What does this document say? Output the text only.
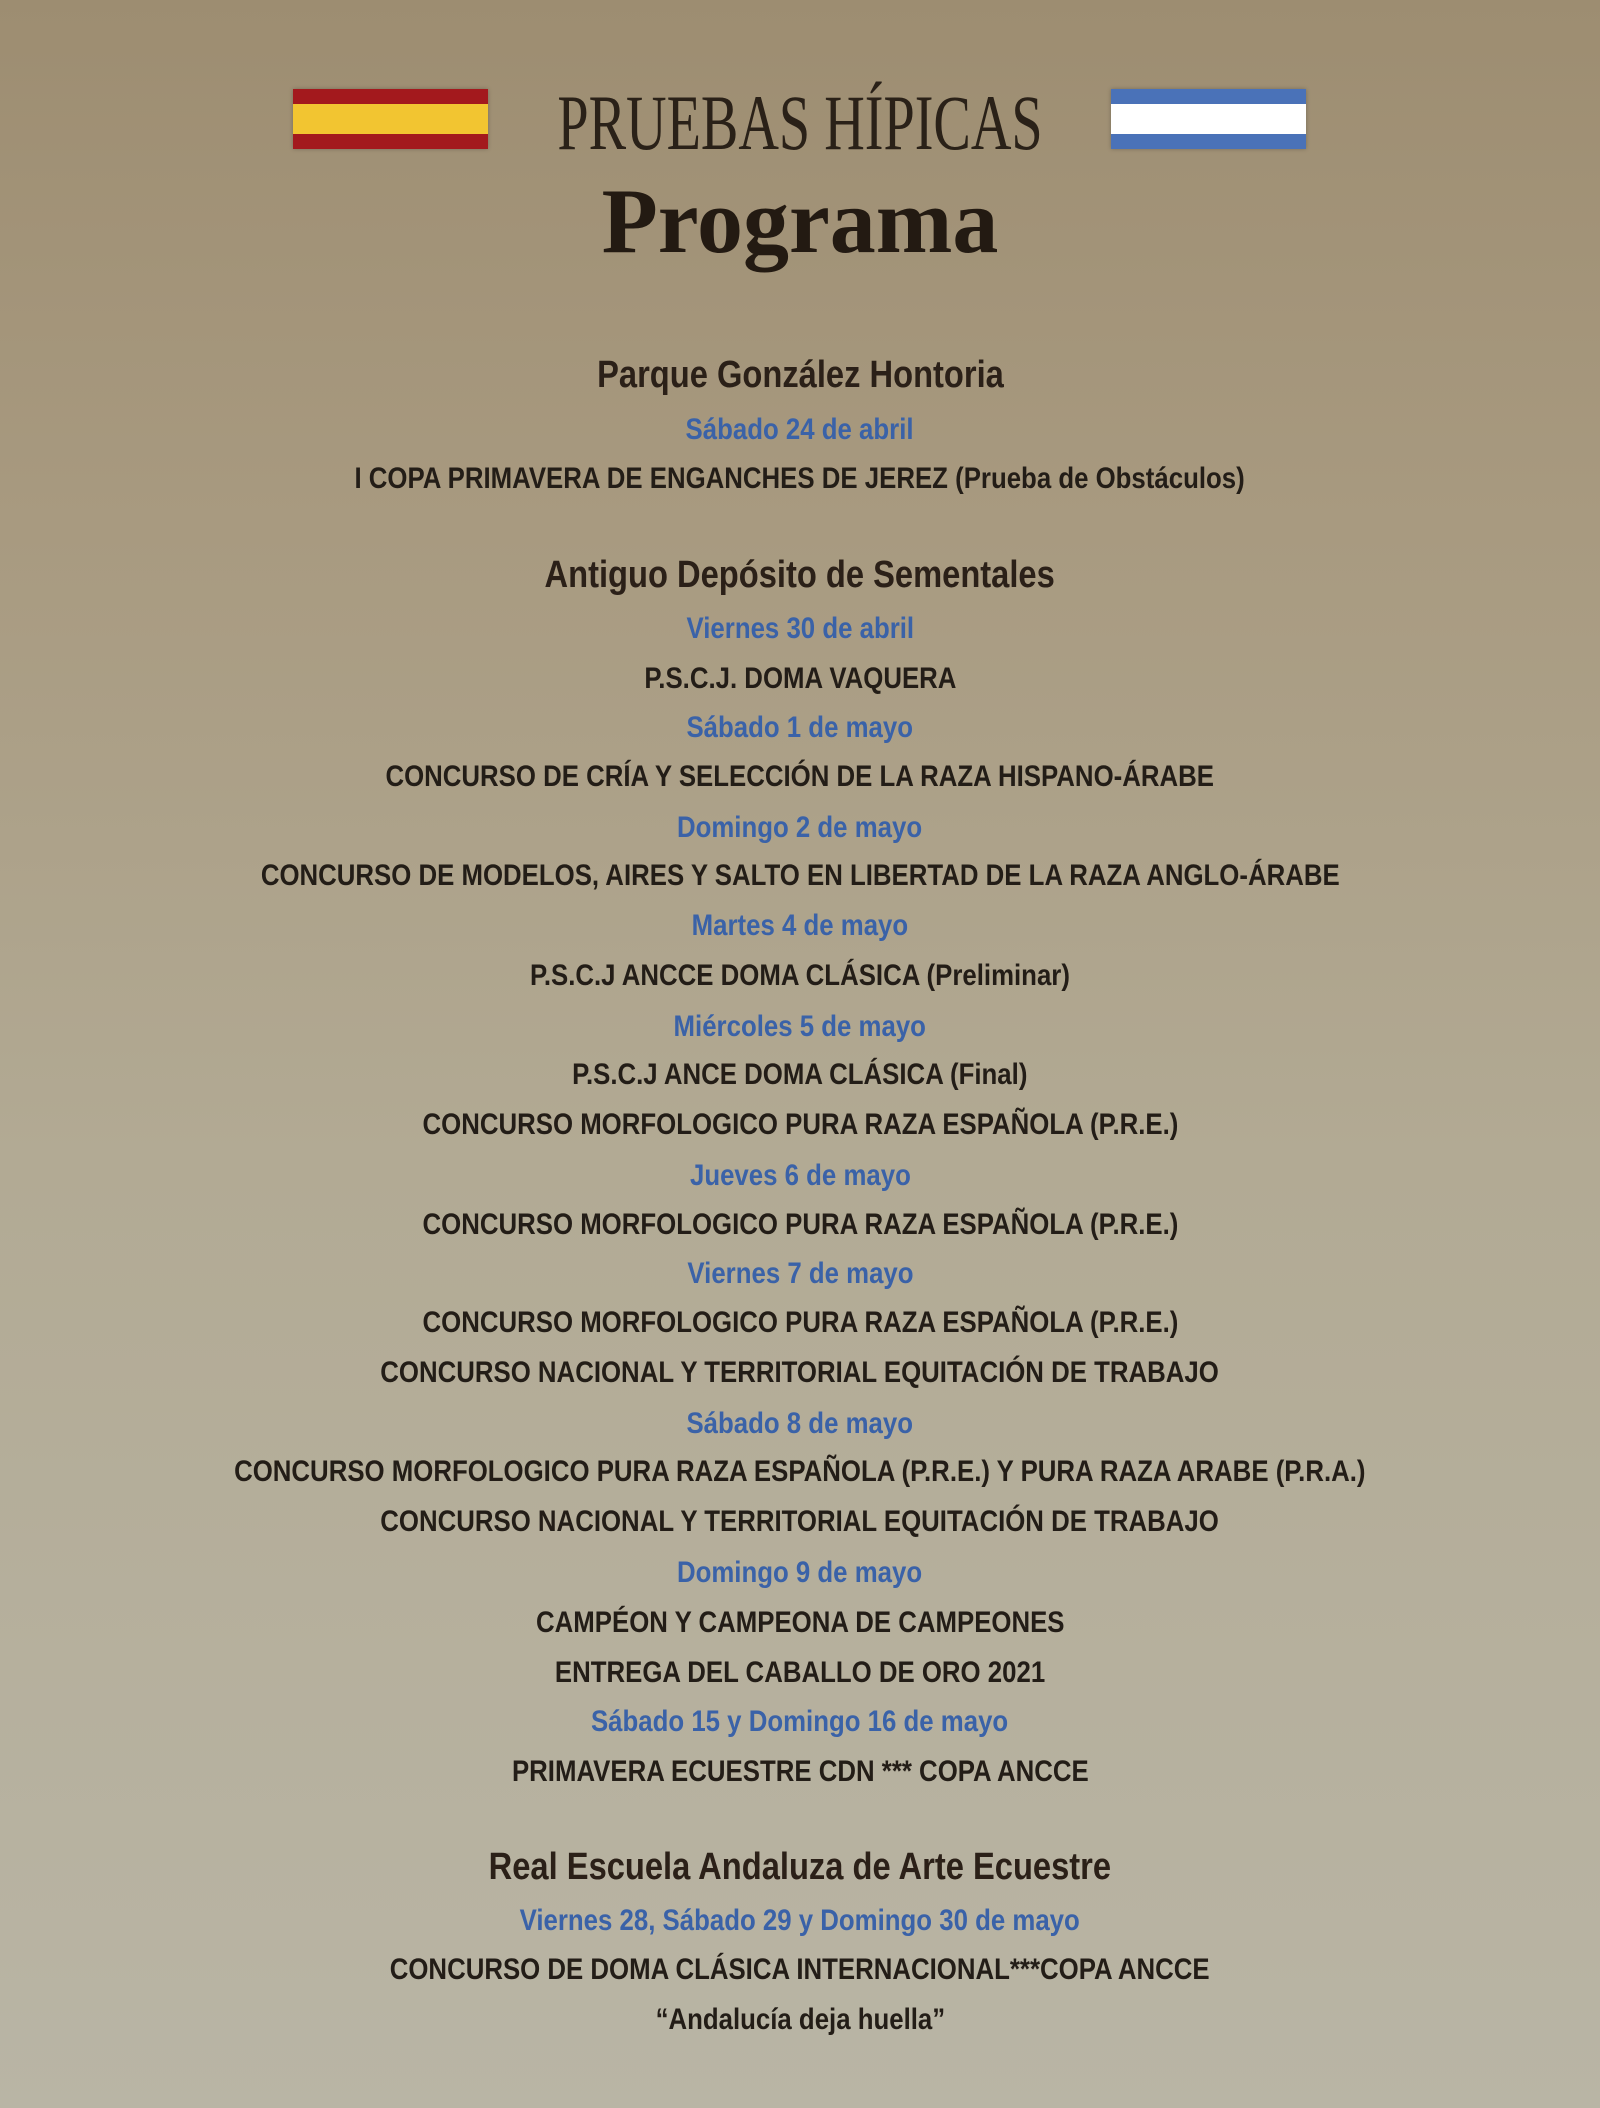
PRUEBAS HÍPICAS
Programa
Parque González Hontoria
Sábado 24 de abril
I COPA PRIMAVERA DE ENGANCHES DE JEREZ (Prueba de Obstáculos)
Antiguo Depósito de Sementales
Viernes 30 de abril
P.S.C.J. DOMA VAQUERA
Sábado 1 de mayo
CONCURSO DE CRÍA Y SELECCIÓN DE LA RAZA HISPANO-ÁRABE
Domingo 2 de mayo
CONCURSO DE MODELOS, AIRES Y SALTO EN LIBERTAD DE LA RAZA ANGLO-ÁRABE
Martes 4 de mayo
P.S.C.J ANCCE DOMA CLÁSICA (Preliminar)
Miércoles 5 de mayo
P.S.C.J ANCE DOMA CLÁSICA (Final)
CONCURSO MORFOLOGICO PURA RAZA ESPAÑOLA (P.R.E.)
Jueves 6 de mayo
CONCURSO MORFOLOGICO PURA RAZA ESPAÑOLA (P.R.E.)
Viernes 7 de mayo
CONCURSO MORFOLOGICO PURA RAZA ESPAÑOLA (P.R.E.)
CONCURSO NACIONAL Y TERRITORIAL EQUITACIÓN DE TRABAJO
Sábado 8 de mayo
CONCURSO MORFOLOGICO PURA RAZA ESPAÑOLA (P.R.E.) Y PURA RAZA ARABE (P.R.A.)
CONCURSO NACIONAL Y TERRITORIAL EQUITACIÓN DE TRABAJO
Domingo 9 de mayo
CAMPÉON Y CAMPEONA DE CAMPEONES
ENTREGA DEL CABALLO DE ORO 2021
Sábado 15 y Domingo 16 de mayo
PRIMAVERA ECUESTRE CDN *** COPA ANCCE
Real Escuela Andaluza de Arte Ecuestre
Viernes 28, Sábado 29 y Domingo 30 de mayo
CONCURSO DE DOMA CLÁSICA INTERNACIONAL***COPA ANCCE
“Andalucía deja huella”
